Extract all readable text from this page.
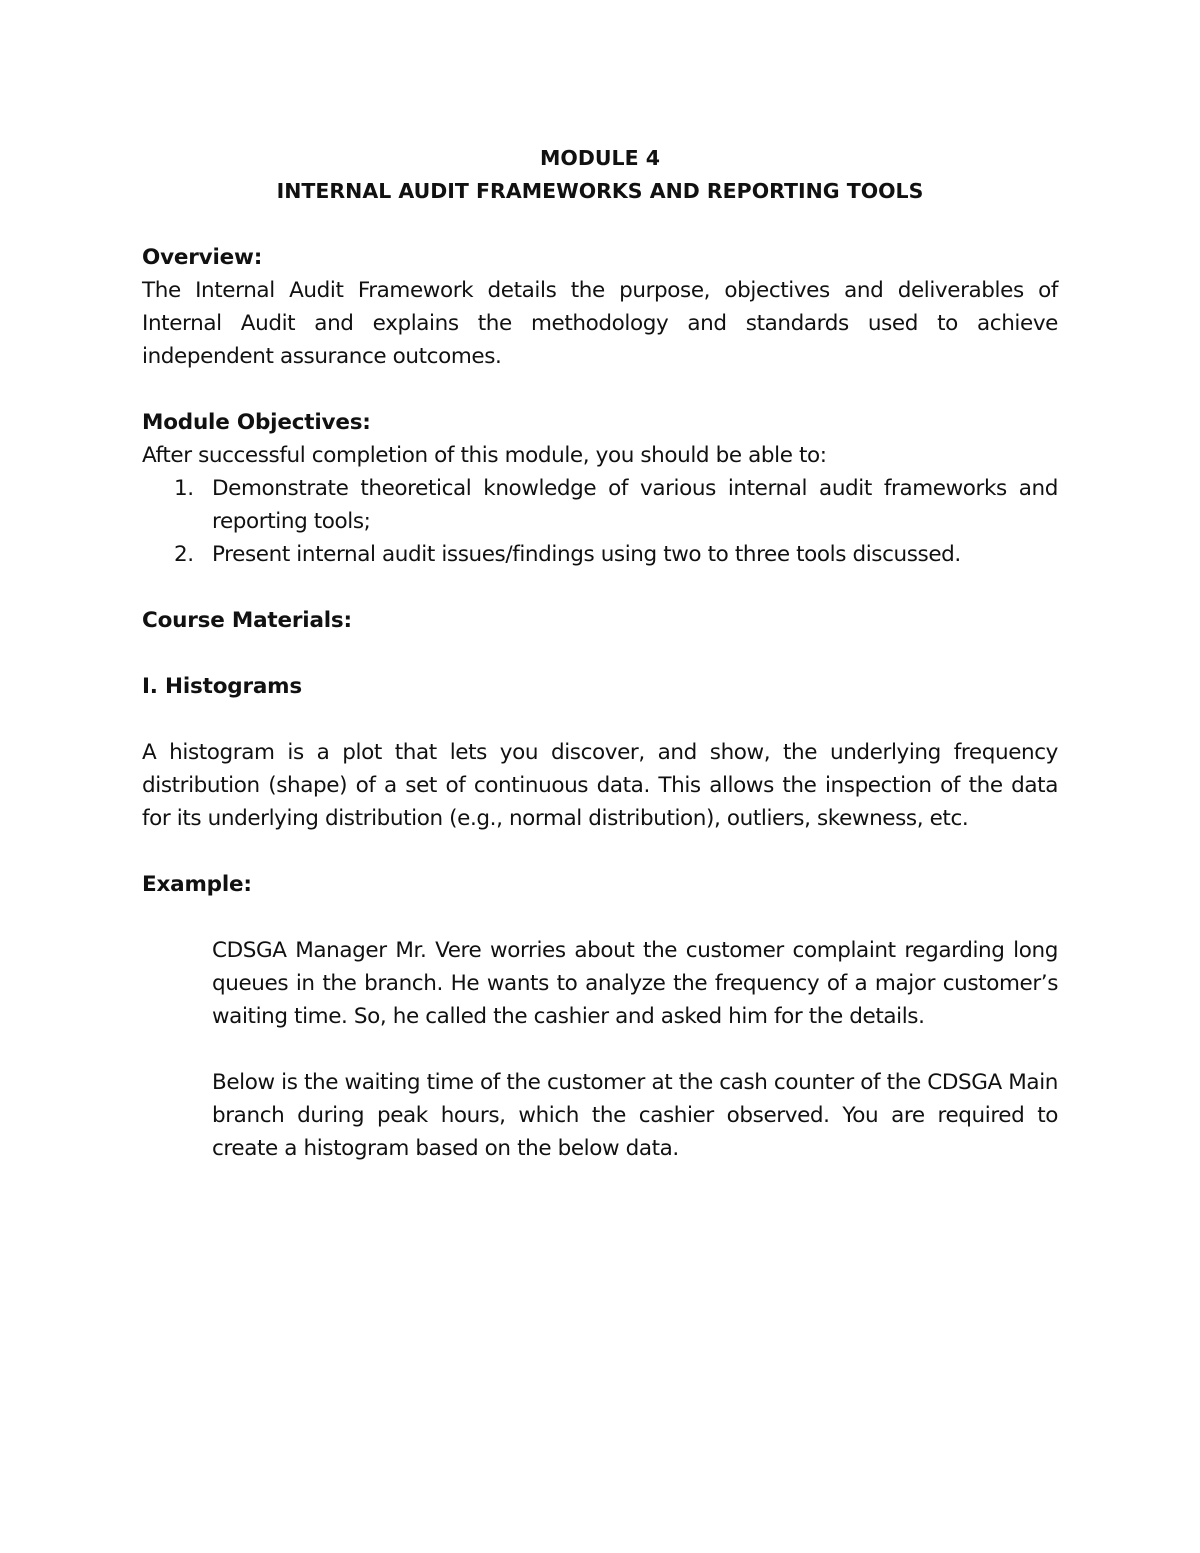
MODULE 4
INTERNAL AUDIT FRAMEWORKS AND REPORTING TOOLS
Overview:

The Internal Audit Framework details the purpose, objectives and deliverables of Internal Audit and explains the methodology and standards used to achieve independent assurance outcomes.

Module Objectives:

After successful completion of this module, you should be able to:

1. Demonstrate theoretical knowledge of various internal audit frameworks and reporting tools;
2. Present internal audit issues/findings using two to three tools discussed.
Course Materials:
I. Histograms

A histogram is a plot that lets you discover, and show, the underlying frequency distribution (shape) of a set of continuous data. This allows the inspection of the data for its underlying distribution (e.g., normal distribution), outliers, skewness, etc.

Example:

CDSGA Manager Mr. Vere worries about the customer complaint regarding long queues in the branch. He wants to analyze the frequency of a major customer’s waiting time. So, he called the cashier and asked him for the details.

Below is the waiting time of the customer at the cash counter of the CDSGA Main branch during peak hours, which the cashier observed. You are required to create a histogram based on the below data.
